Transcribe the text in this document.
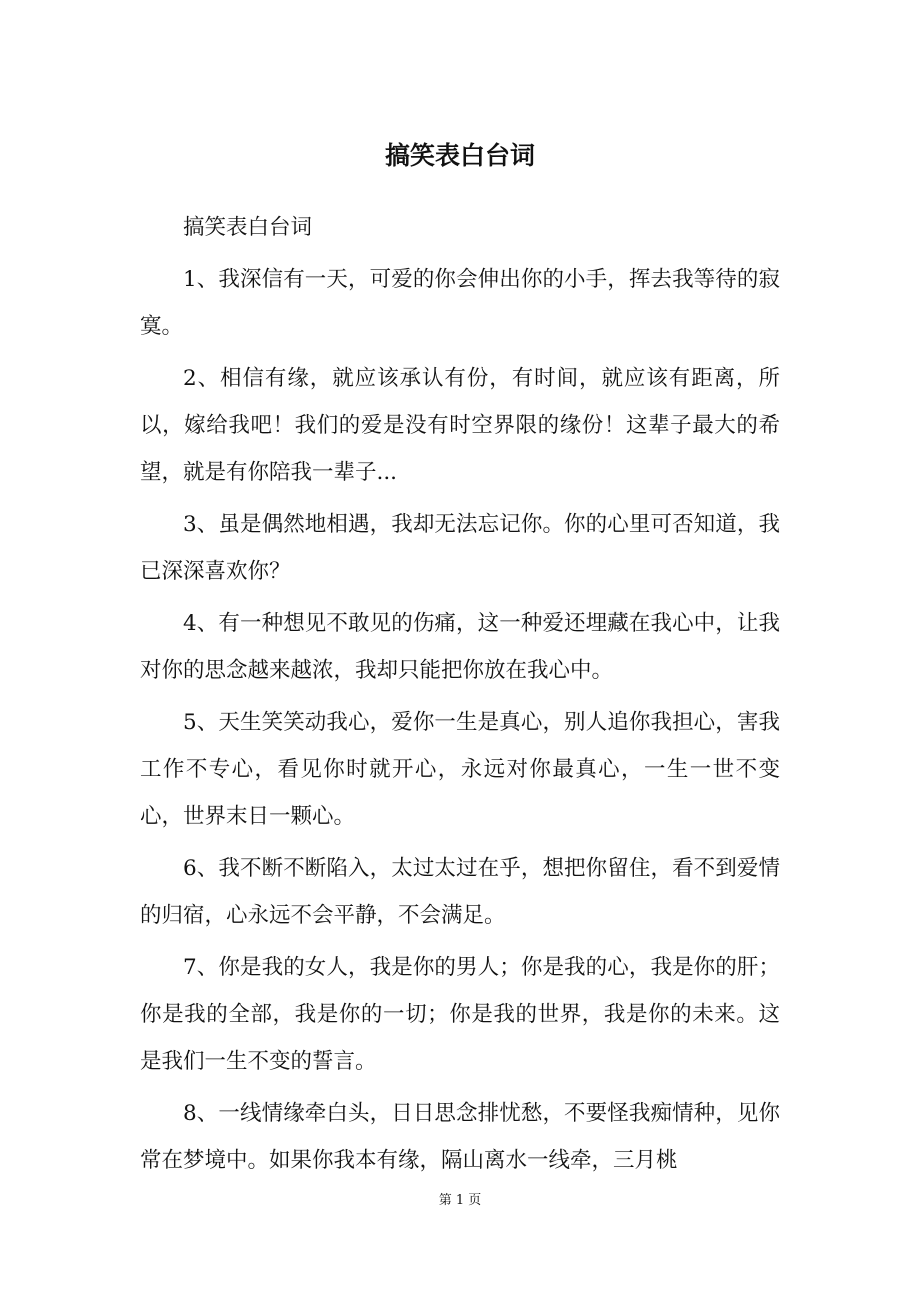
搞笑表白台词

搞笑表白台词

1、我深信有一天，可爱的你会伸出你的小手，挥去我等待的寂寞。

2、相信有缘，就应该承认有份，有时间，就应该有距离，所以，嫁给我吧！我们的爱是没有时空界限的缘份！这辈子最大的希望，就是有你陪我一辈子...

3、虽是偶然地相遇，我却无法忘记你。你的心里可否知道，我已深深喜欢你？

4、有一种想见不敢见的伤痛，这一种爱还埋藏在我心中，让我对你的思念越来越浓，我却只能把你放在我心中。

5、天生笑笑动我心，爱你一生是真心，别人追你我担心，害我工作不专心，看见你时就开心，永远对你最真心，一生一世不变心，世界末日一颗心。

6、我不断不断陷入，太过太过在乎，想把你留住，看不到爱情的归宿，心永远不会平静，不会满足。

7、你是我的女人，我是你的男人；你是我的心，我是你的肝；你是我的全部，我是你的一切；你是我的世界，我是你的未来。这是我们一生不变的誓言。

8、一线情缘牵白头，日日思念排忧愁，不要怪我痴情种，见你常在梦境中。如果你我本有缘，隔山离水一线牵，三月桃

第 1 页
